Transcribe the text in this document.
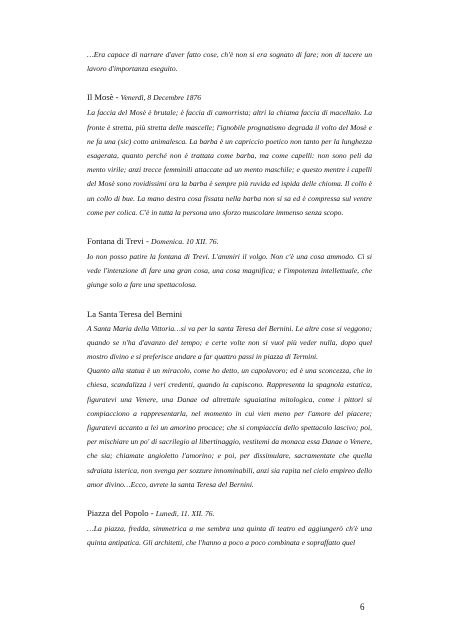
…Era capace di narrare d'aver fatto cose, ch'è non si era sognato di fare; non di tacere un lavoro d'importanza eseguito.

Il Mosè - Venerdì, 8 Decembre 1876

La faccia del Mosè è brutale; è faccia di camorrista; altri la chiama faccia di macellaio. La fronte è stretta, più stretta delle mascelle; l'ignobile prognatismo degrada il volto del Mosè e ne fa una (sic) cotto animalesca. La barba è un capriccio poetico non tanto per la lunghezza esagerata, quanto perché non è trattata come barba, ma come capelli: non sono peli da mento virile; anzi trecce femminili attaccate ad un mento maschile; e questo mentre i capelli del Mosè sono rovidissimi ora la barba è sempre più ruvida ed ispida delle chioma. Il collo è un collo di bue. La mano destra cosa fissata nella barba non si sa ed è compressa sul ventre come per colica. C'è in tutta la persona uno sforzo muscolare immenso senza scopo.

Fontana di Trevi - Domenica. 10 XII. 76.

Io non posso patire la fontana di Trevi. L'ammiri il volgo. Non c'è una cosa ammodo. Ci si vede l'intenzione di fare una gran cosa, una cosa magnifica; e l'impotenza intellettuale, che giunge solo a fare una spettacolosa.

La Santa Teresa del Bernini

A Santa Maria della Vittoria…si va per la santa Teresa del Bernini. Le altre cose si veggono; quando se n'ha d'avanzo del tempo; e certe volte non si vuol più veder nulla, dopo quel mostro divino e si preferisce andare a far quattro passi in piazza di Termini.

Quanto alla statua è un miracolo, come ho detto, un capolavoro; ed è una sconcezza, che in chiesa, scandalizza i veri credenti, quando la capiscono. Rappresenta la spagnola estatica, figuratevi una Venere, una Danae od altrettale sguaiatina mitologica, come i pittori si compiacciono a rappresentarla, nel momento in cui vien meno per l'amore del piacere; figuratevi accanto a lei un amorino procace; che si compiaccia dello spettacolo lascivo; poi, per mischiare un po' di sacrilegio al libertinaggio, vestitemi da monaca essa Danae o Venere, che sia; chiamate angioletto l'amorino; e poi, per dissimulare, sacramentate che quella sdraiata isterica, non svenga per sozzure innominabili, anzi sia rapita nel cielo empireo dello amor divino…Ecco, avrete la santa Teresa del Bernini.

Piazza del Popolo - Lunedì, 11. XII. 76.

…La piazza, fredda, simmetrica a me sembra una quinta di teatro ed aggiungerò ch'è una quinta antipatica. Gli architetti, che l'hanno a poco a poco combinata e sopraffatto quel

6
